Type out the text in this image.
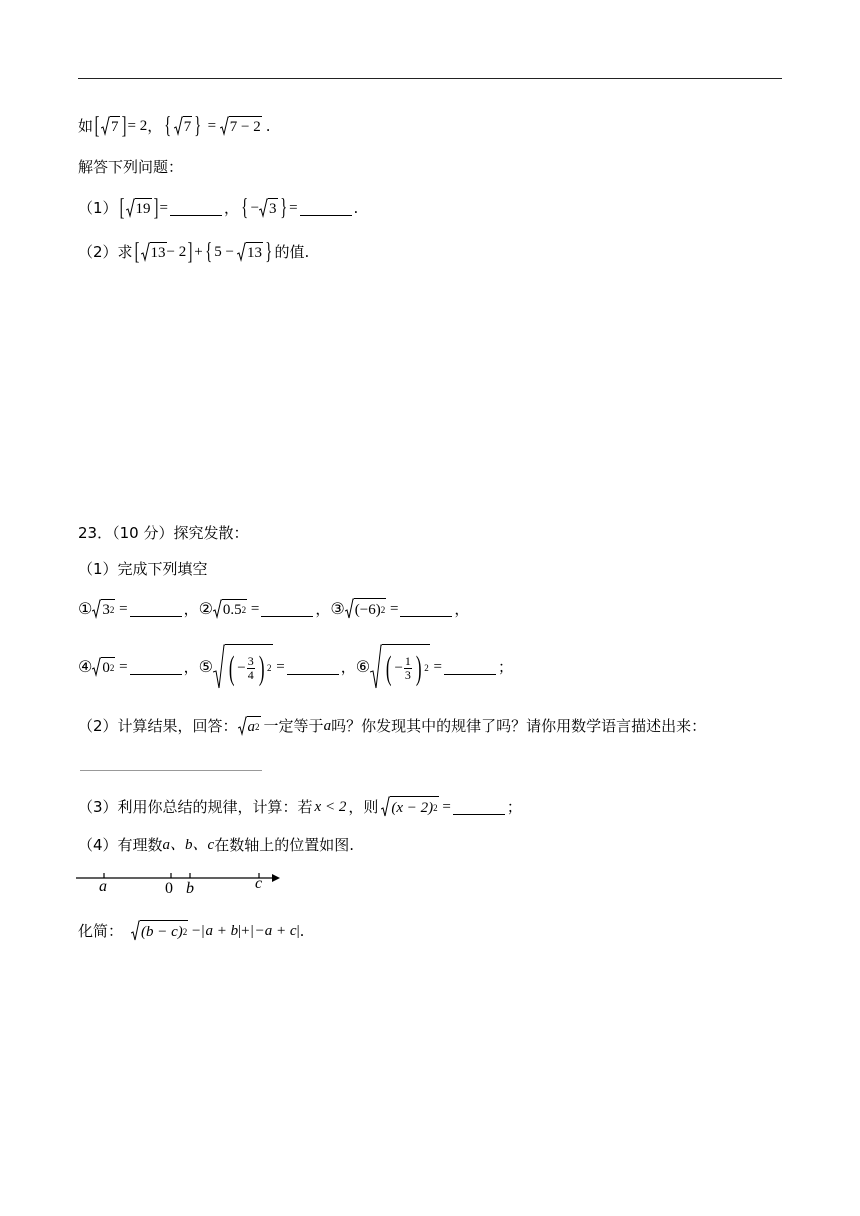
如 [ 7 ] = 2 ， { 7 } = 7 − 2 .
解答下列问题：
（1） [ 19 ] =	， { − 3 } =	.
（2）求 [ 13 − 2 ] + { 5 − 13 } 的值.
23．（10 分）探究发散：
（1）完成下列填空
① 3 2 =	， ② 0.5 2 =	， ③ (−6) 2 =	，
④ 0 2 =	， ⑤ ( − $\frac{3}{4}$ ) 2 =	， ⑥ ( − $\frac{1}{3}$ ) 2 =	；
（2）计算结果，回答： a 2 一定等于 a 吗？你发现其中的规律了吗？请你用数学语言描述出来：
（3）利用你总结的规律，计算：若 x < 2 ，则 (x − 2) 2 =	；
（4）有理数 a、b、c 在数轴上的位置如图.
a	0 b	c
化简： (b − c) 2 − | a + b | + | −a + c | .
